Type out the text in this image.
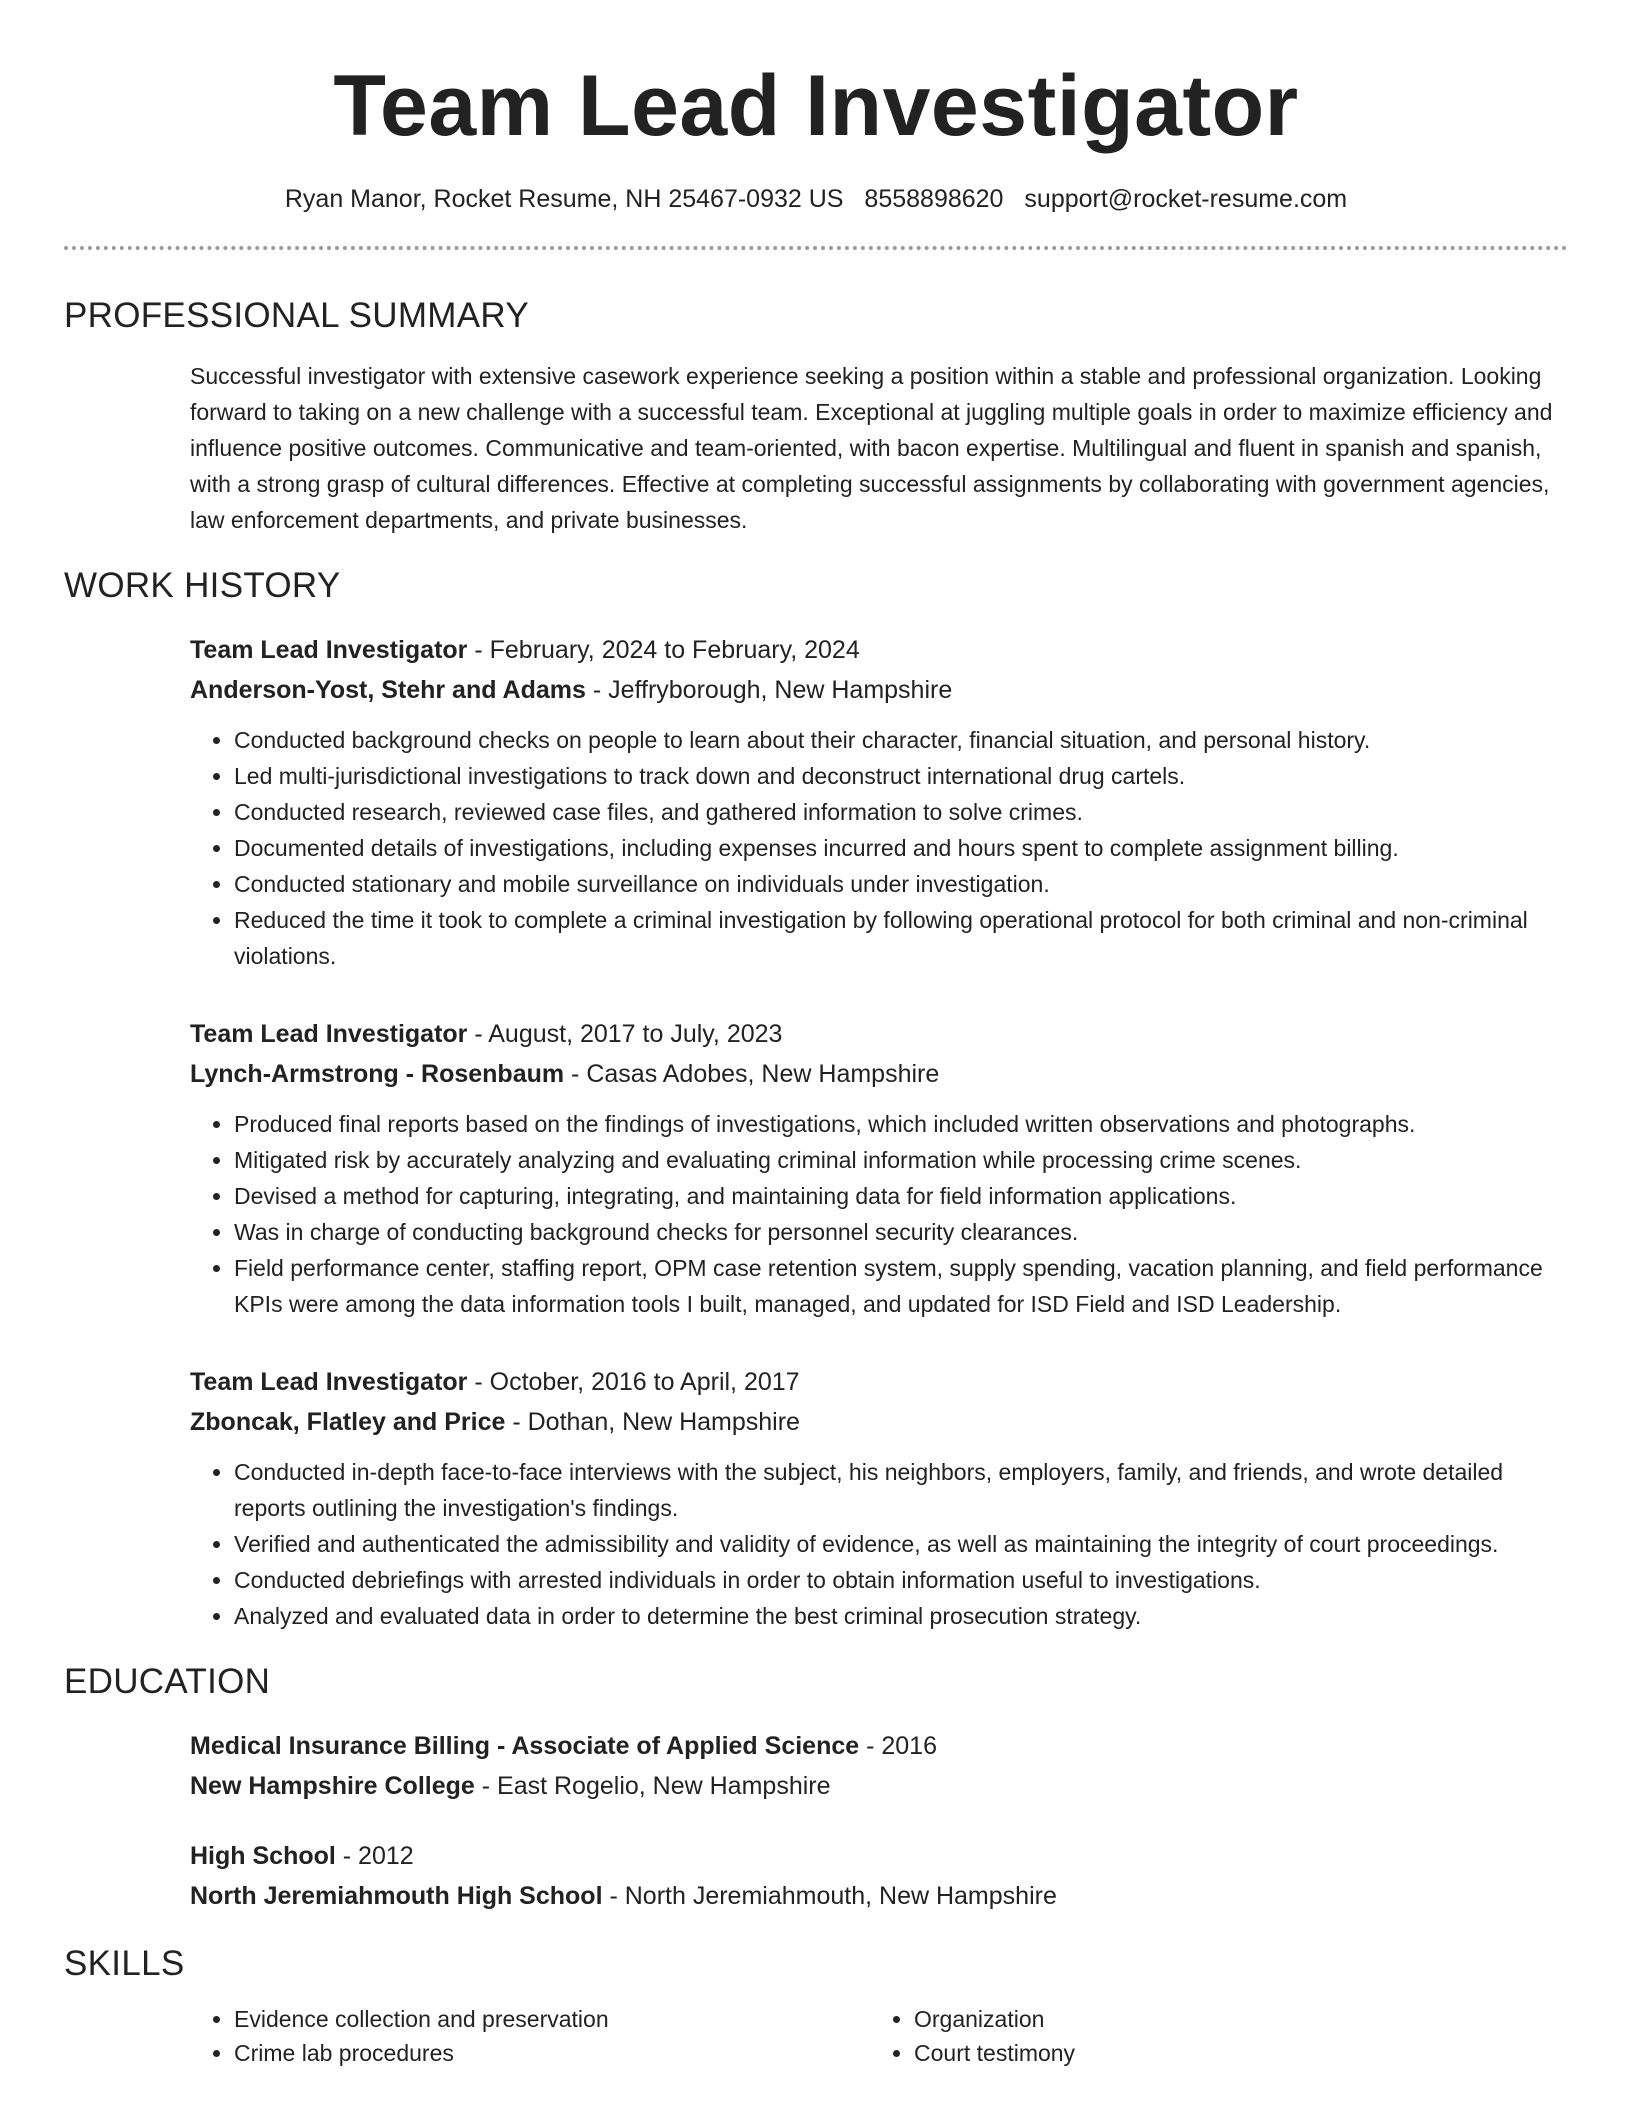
Team Lead Investigator
Ryan Manor, Rocket Resume, NH 25467-0932 US 8558898620 support@rocket-resume.com
PROFESSIONAL SUMMARY

Successful investigator with extensive casework experience seeking a position within a stable and professional organization. Looking forward to taking on a new challenge with a successful team. Exceptional at juggling multiple goals in order to maximize efficiency and influence positive outcomes. Communicative and team-oriented, with bacon expertise. Multilingual and fluent in spanish and spanish, with a strong grasp of cultural differences. Effective at completing successful assignments by collaborating with government agencies, law enforcement departments, and private businesses.

WORK HISTORY
Team Lead Investigator - February, 2024 to February, 2024
Anderson-Yost, Stehr and Adams - Jeffryborough, New Hampshire
• Conducted background checks on people to learn about their character, financial situation, and personal history.
• Led multi-jurisdictional investigations to track down and deconstruct international drug cartels.
• Conducted research, reviewed case files, and gathered information to solve crimes.
• Documented details of investigations, including expenses incurred and hours spent to complete assignment billing.
• Conducted stationary and mobile surveillance on individuals under investigation.
• Reduced the time it took to complete a criminal investigation by following operational protocol for both criminal and non-criminal violations.
Team Lead Investigator - August, 2017 to July, 2023
Lynch-Armstrong - Rosenbaum - Casas Adobes, New Hampshire
• Produced final reports based on the findings of investigations, which included written observations and photographs.
• Mitigated risk by accurately analyzing and evaluating criminal information while processing crime scenes.
• Devised a method for capturing, integrating, and maintaining data for field information applications.
• Was in charge of conducting background checks for personnel security clearances.
• Field performance center, staffing report, OPM case retention system, supply spending, vacation planning, and field performance KPIs were among the data information tools I built, managed, and updated for ISD Field and ISD Leadership.
Team Lead Investigator - October, 2016 to April, 2017
Zboncak, Flatley and Price - Dothan, New Hampshire
• Conducted in-depth face-to-face interviews with the subject, his neighbors, employers, family, and friends, and wrote detailed reports outlining the investigation's findings.
• Verified and authenticated the admissibility and validity of evidence, as well as maintaining the integrity of court proceedings.
• Conducted debriefings with arrested individuals in order to obtain information useful to investigations.
• Analyzed and evaluated data in order to determine the best criminal prosecution strategy.
EDUCATION
Medical Insurance Billing - Associate of Applied Science - 2016
New Hampshire College - East Rogelio, New Hampshire
High School - 2012
North Jeremiahmouth High School - North Jeremiahmouth, New Hampshire
SKILLS
• Evidence collection and preservation
• Crime lab procedures
• Organization
• Court testimony
